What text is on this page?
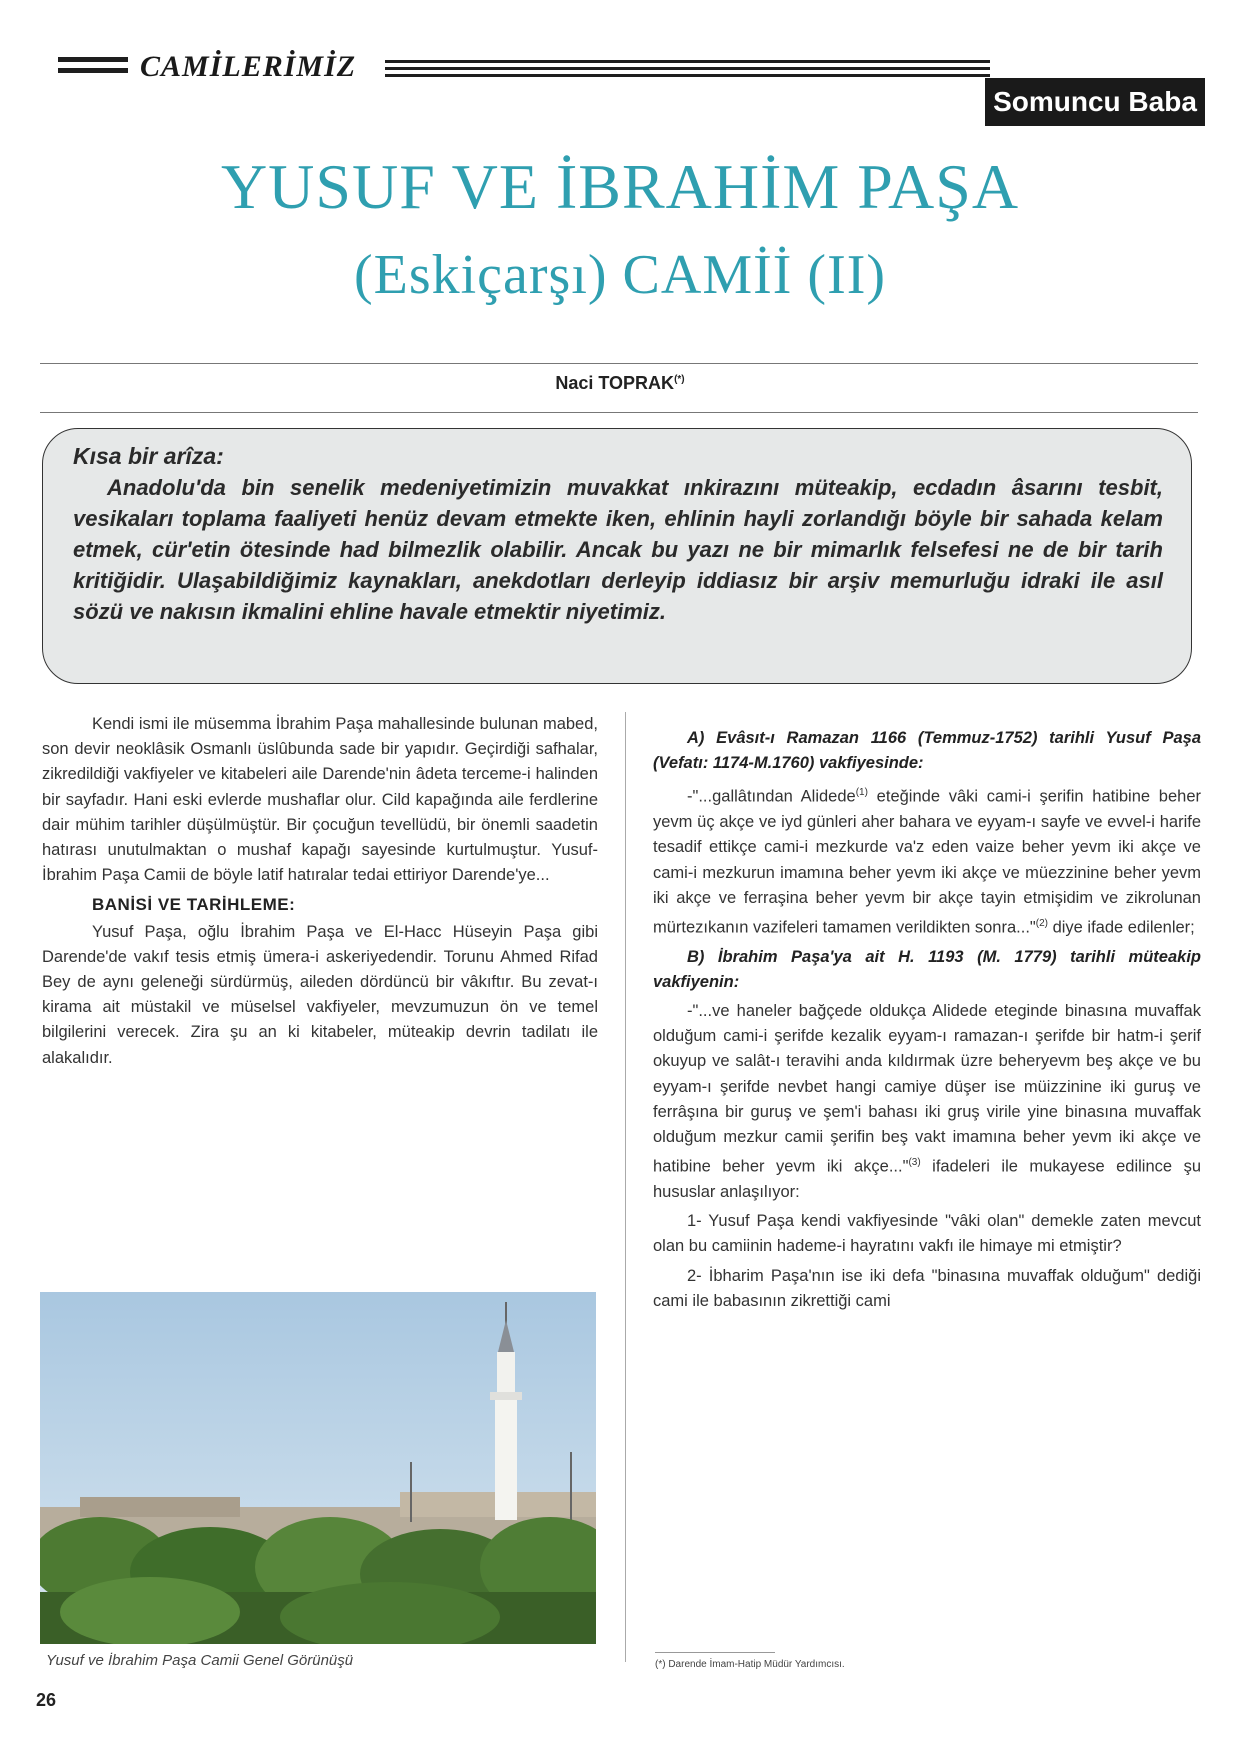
CAMİLERİMİZ
Somuncu Baba
YUSUF VE İBRAHİM PAŞA
(Eskiçarşı) CAMİİ (II)
Naci TOPRAK(*)
Kısa bir arîza:
Anadolu'da bin senelik medeniyetimizin muvakkat ınkirazını müteakip, ecdadın âsarını tesbit, vesikaları toplama faaliyeti henüz devam etmekte iken, ehlinin hayli zorlandığı böyle bir sahada kelam etmek, cür'etin ötesinde had bilmezlik olabilir. Ancak bu yazı ne bir mimarlık felsefesi ne de bir tarih kritiğidir. Ulaşabildiğimiz kaynakları, anekdotları derleyip iddiasız bir arşiv memurluğu idraki ile asıl sözü ve nakısın ikmalini ehline havale etmektir niyetimiz.

Kendi ismi ile müsemma İbrahim Paşa mahallesinde bulunan mabed, son devir neoklâsik Osmanlı üslûbunda sade bir yapıdır. Geçirdiği safhalar, zikredildiği vakfiyeler ve kitabeleri aile Darende'nin âdeta terceme-i halinden bir sayfadır. Hani eski evlerde mushaflar olur. Cild kapağında aile ferdlerine dair mühim tarihler düşülmüştür. Bir çocuğun tevellüdü, bir önemli saadetin hatırası unutulmaktan o mushaf kapağı sayesinde kurtulmuştur. Yusuf-İbrahim Paşa Camii de böyle latif hatıralar tedai ettiriyor Darende'ye...

BANİSİ VE TARİHLEME:

Yusuf Paşa, oğlu İbrahim Paşa ve El-Hacc Hüseyin Paşa gibi Darende'de vakıf tesis etmiş ümera-i askeriyedendir. Torunu Ahmed Rifad Bey de aynı geleneği sürdürmüş, aileden dördüncü bir vâkıftır. Bu zevat-ı kirama ait müstakil ve müselsel vakfiyeler, mevzumuzun ön ve temel bilgilerini verecek. Zira şu an ki kitabeler, müteakip devrin tadilatı ile alakalıdır.

Yusuf ve İbrahim Paşa Camii Genel Görünüşü

A) Evâsıt-ı Ramazan 1166 (Temmuz-1752) tarihli Yusuf Paşa (Vefatı: 1174-M.1760) vakfiyesinde:

-"...gallâtından Alidede$^{(1)}$ eteğinde vâki cami-i şerifin hatibine beher yevm üç akçe ve iyd günleri aher bahara ve eyyam-ı sayfe ve evvel-i harife tesadif ettikçe cami-i mezkurde va'z eden vaize beher yevm iki akçe ve cami-i mezkurun imamına beher yevm iki akçe ve müezzinine beher yevm iki akçe ve ferraşina beher yevm bir akçe tayin etmişidim ve zikrolunan mürtezıkanın vazifeleri tamamen verildikten sonra..."$^{(2)}$ diye ifade edilenler;

B) İbrahim Paşa'ya ait H. 1193 (M. 1779) tarihli müteakip vakfiyenin:

-"...ve haneler bağçede oldukça Alidede eteginde binasına muvaffak olduğum cami-i şerifde kezalik eyyam-ı ramazan-ı şerifde bir hatm-i şerif okuyup ve salât-ı teravihi anda kıldırmak üzre beheryevm beş akçe ve bu eyyam-ı şerifde nevbet hangi camiye düşer ise müizzinine iki guruş ve ferrâşına bir guruş ve şem'i bahası iki gruş virile yine binasına muvaffak olduğum mezkur camii şerifin beş vakt imamına beher yevm iki akçe ve hatibine beher yevm iki akçe..."$^{(3)}$ ifadeleri ile mukayese edilince şu hususlar anlaşılıyor:

1- Yusuf Paşa kendi vakfiyesinde "vâki olan" demekle zaten mevcut olan bu camiinin hademe-i hayratını vakfı ile himaye mi etmiştir?

2- İbharim Paşa'nın ise iki defa "binasına muvaffak olduğum" dediği cami ile babasının zikrettiği cami

(*) Darende İmam-Hatip Müdür Yardımcısı.
26
